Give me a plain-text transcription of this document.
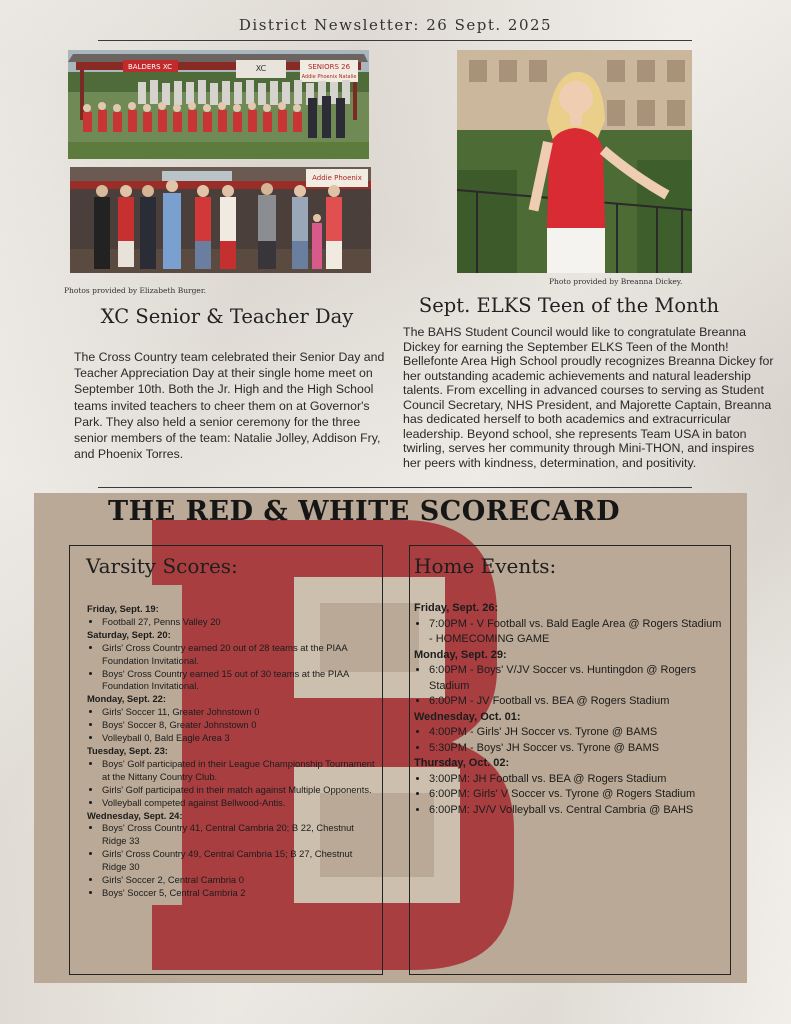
District Newsletter: 26 Sept. 2025
BALDERS XC	XC	SENIORS 26
Addie Phoenix Natalie
Addie Phoenix
Photos provided by Elizabeth Burger.
XC Senior & Teacher Day
The Cross Country team celebrated their Senior Day and Teacher Appreciation Day at their single home meet on September 10th. Both the Jr. High and the High School teams invited teachers to cheer them on at Governor's Park. They also held a senior ceremony for the three senior members of the team: Natalie Jolley, Addison Fry, and Phoenix Torres.
Photo provided by Breanna Dickey.
Sept. ELKS Teen of the Month
The BAHS Student Council would like to congratulate Breanna Dickey for earning the September ELKS Teen of the Month! Bellefonte Area High School proudly recognizes Breanna Dickey for her outstanding academic achievements and natural leadership talents. From excelling in advanced courses to serving as Student Council Secretary, NHS President, and Majorette Captain, Breanna has dedicated herself to both academics and extracurricular leadership. Beyond school, she represents Team USA in baton twirling, serves her community through Mini-THON, and inspires her peers with kindness, determination, and positivity.
THE RED & WHITE SCORECARD
Varsity Scores:

Friday, Sept. 19:

• Football 27, Penns Valley 20

Saturday, Sept. 20:

• Girls' Cross Country earned 20 out of 28 teams at the PIAA Foundation Invitational.
• Boys' Cross Country earned 15 out of 30 teams at the PIAA Foundation Invitational.

Monday, Sept. 22:

• Girls' Soccer 11, Greater Johnstown 0
• Boys' Soccer 8, Greater Johnstown 0
• Volleyball 0, Bald Eagle Area 3

Tuesday, Sept. 23:

• Boys' Golf participated in their League Championship Tournament at the Nittany Country Club.
• Girls' Golf participated in their match against Multiple Opponents.
• Volleyball competed against Bellwood-Antis.

Wednesday, Sept. 24:

• Boys' Cross Country 41, Central Cambria 20; B 22, Chestnut Ridge 33
• Girls' Cross Country 49, Central Cambria 15; B 27, Chestnut Ridge 30
• Girls' Soccer 2, Central Cambria 0
• Boys' Soccer 5, Central Cambria 2
Home Events:

Friday, Sept. 26:

• 7:00PM - V Football vs. Bald Eagle Area @ Rogers Stadium - HOMECOMING GAME

Monday, Sept. 29:

• 6:00PM - Boys' V/JV Soccer vs. Huntingdon @ Rogers Stadium
• 6:00PM - JV Football vs. BEA @ Rogers Stadium

Wednesday, Oct. 01:

• 4:00PM - Girls' JH Soccer vs. Tyrone @ BAMS
• 5:30PM - Boys' JH Soccer vs. Tyrone @ BAMS

Thursday, Oct. 02:

• 3:00PM: JH Football vs. BEA @ Rogers Stadium
• 6:00PM: Girls' V Soccer vs. Tyrone @ Rogers Stadium
• 6:00PM: JV/V Volleyball vs. Central Cambria @ BAHS
